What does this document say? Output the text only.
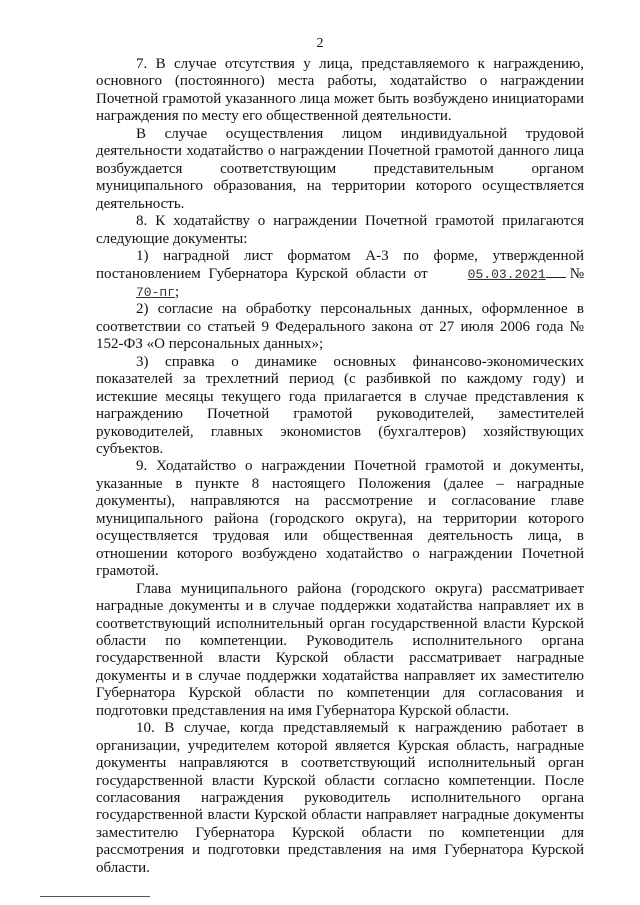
2

7. В случае отсутствия у лица, представляемого к награждению, основного (постоянного) места работы, ходатайство о награждении Почетной грамотой указанного лица может быть возбуждено инициаторами награждения по месту его общественной деятельности.

В случае осуществления лицом индивидуальной трудовой деятельности ходатайство о награждении Почетной грамотой данного лица возбуждается соответствующим представительным органом муниципального образования, на территории которого осуществляется деятельность.

8. К ходатайству о награждении Почетной грамотой прилагаются следующие документы:

1) наградной лист форматом А-3 по форме, утвержденной постановлением Губернатора Курской области от	05.03.2021 №70-пг;

2) согласие на обработку персональных данных, оформленное в соответствии со статьей 9 Федерального закона от 27 июля 2006 года № 152-ФЗ «О персональных данных»;

3) справка о динамике основных финансово-экономических показателей за трехлетний период (с разбивкой по каждому году) и истекшие месяцы текущего года прилагается в случае представления к награждению Почетной грамотой руководителей, заместителей руководителей, главных экономистов (бухгалтеров) хозяйствующих субъектов.

9. Ходатайство о награждении Почетной грамотой и документы, указанные в пункте 8 настоящего Положения (далее – наградные документы), направляются на рассмотрение и согласование главе муниципального района (городского округа), на территории которого осуществляется трудовая или общественная деятельность лица, в отношении которого возбуждено ходатайство о награждении Почетной грамотой.

Глава муниципального района (городского округа) рассматривает наградные документы и в случае поддержки ходатайства направляет их в соответствующий исполнительный орган государственной власти Курской области по компетенции. Руководитель исполнительного органа государственной власти Курской области рассматривает наградные документы и в случае поддержки ходатайства направляет их заместителю Губернатора Курской области по компетенции для согласования и подготовки представления на имя Губернатора Курской области.

10. В случае, когда представляемый к награждению работает в организации, учредителем которой является Курская область, наградные документы направляются в соответствующий исполнительный орган государственной власти Курской области согласно компетенции. После согласования награждения руководитель исполнительного органа государственной власти Курской области направляет наградные документы заместителю Губернатора Курской области по компетенции для рассмотрения и подготовки представления на имя Губернатора Курской области.
